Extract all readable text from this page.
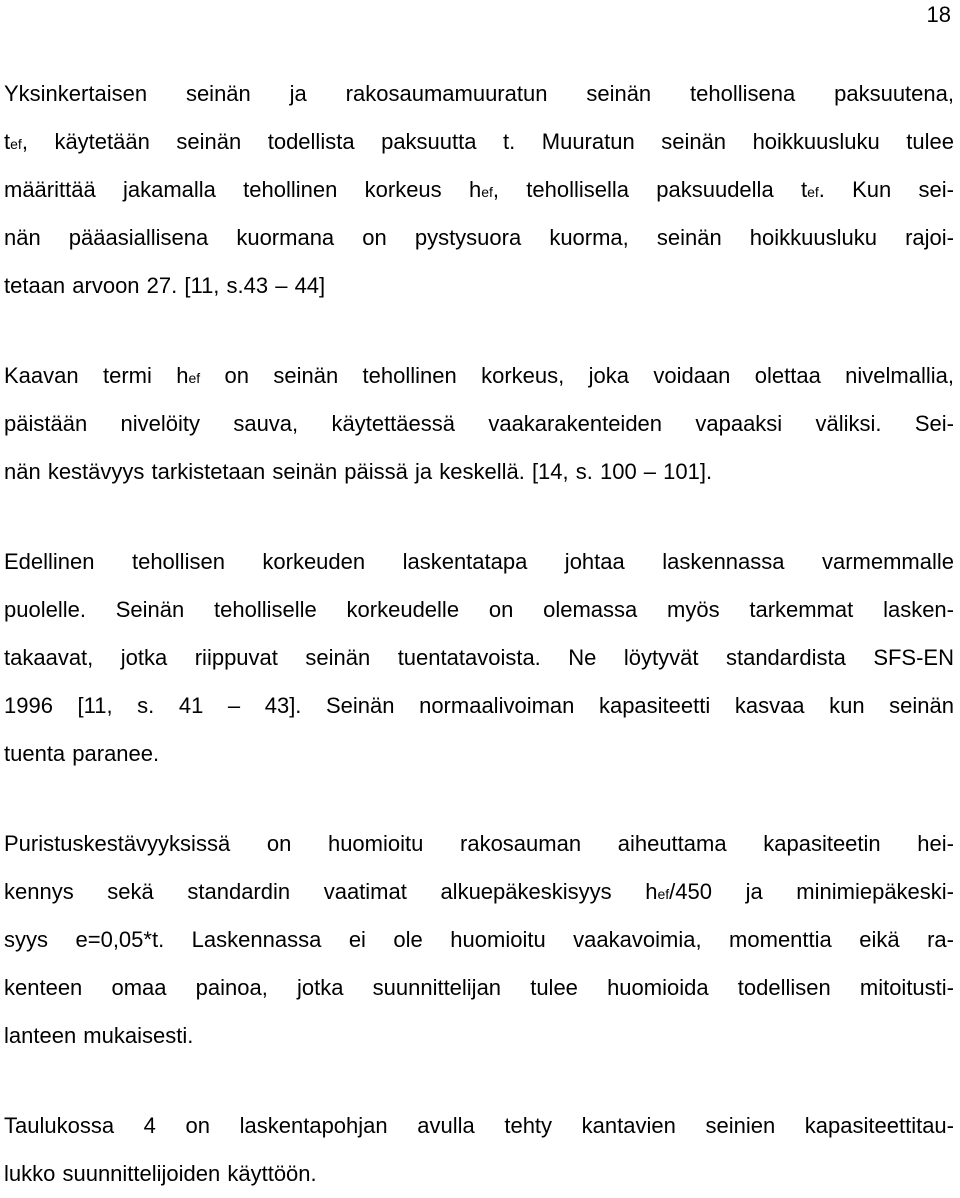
18
Yksinkertaisen seinän ja rakosaumamuuratun seinän tehollisena paksuutena,
tef, käytetään seinän todellista paksuutta t. Muuratun seinän hoikkuusluku tulee
määrittää jakamalla tehollinen korkeus hef, tehollisella paksuudella tef. Kun sei-
nän pääasiallisena kuormana on pystysuora kuorma, seinän hoikkuusluku rajoi-
tetaan arvoon 27. [11, s.43 – 44]
Kaavan termi hef on seinän tehollinen korkeus, joka voidaan olettaa nivelmallia,
päistään nivelöity sauva, käytettäessä vaakarakenteiden vapaaksi väliksi. Sei-
nän kestävyys tarkistetaan seinän päissä ja keskellä. [14, s. 100 – 101].
Edellinen tehollisen korkeuden laskentatapa johtaa laskennassa varmemmalle
puolelle. Seinän teholliselle korkeudelle on olemassa myös tarkemmat lasken-
takaavat, jotka riippuvat seinän tuentatavoista. Ne löytyvät standardista SFS-EN
1996 [11, s. 41 – 43]. Seinän normaalivoiman kapasiteetti kasvaa kun seinän
tuenta paranee.
Puristuskestävyyksissä on huomioitu rakosauman aiheuttama kapasiteetin hei-
kennys sekä standardin vaatimat alkuepäkeskisyys hef/450 ja minimiepäkeski-
syys e=0,05*t. Laskennassa ei ole huomioitu vaakavoimia, momenttia eikä ra-
kenteen omaa painoa, jotka suunnittelijan tulee huomioida todellisen mitoitusti-
lanteen mukaisesti.
Taulukossa 4 on laskentapohjan avulla tehty kantavien seinien kapasiteettitau-
lukko suunnittelijoiden käyttöön.
